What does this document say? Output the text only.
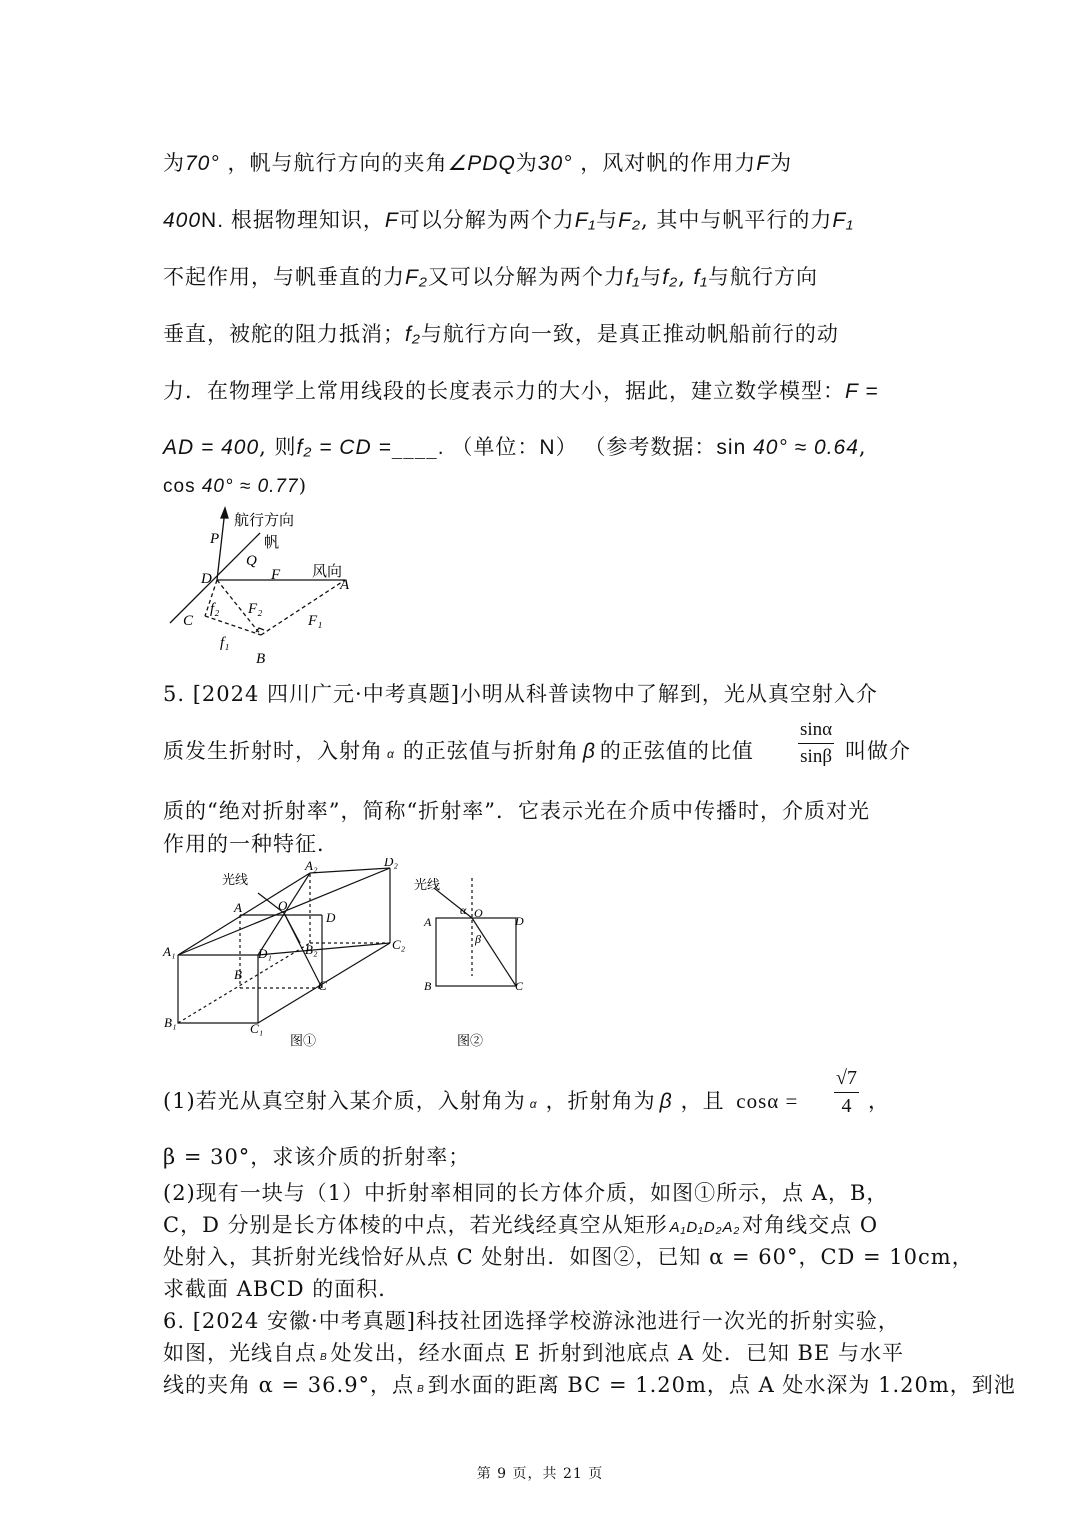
为70° ，帆与航行方向的夹角∠PDQ为30° ，风对帆的作用力F为
400N. 根据物理知识，F可以分解为两个力F₁与F₂, 其中与帆平行的力F₁
不起作用，与帆垂直的力F₂又可以分解为两个力f₁与f₂, f₁与航行方向
垂直，被舵的阻力抵消；f₂与航行方向一致，是真正推动帆船前行的动
力．在物理学上常用线段的长度表示力的大小，据此，建立数学模型：F =
AD = 400, 则f₂ = CD =____. （单位：N） （参考数据：sin 40° ≈ 0.64,
cos 40° ≈ 0.77)
航行方向
帆
风向
P
Q
D	F
A
f₂ F₂
F₁
C
f₁
B
5. [2024 四川广元·中考真题]小明从科普读物中了解到，光从真空射入介
质发生折射时，入射角 α 的正弦值与折射角 β 的正弦值的比值	$\frac{\sin\alpha}{\sin\beta}$ 叫做介
质的“绝对折射率”，简称“折射率”．它表示光在介质中传播时，介质对光
作用的一种特征．
光线
A₂	D₂
A	O
D
A₁	D₁	B₂	C₂
B
C
B₁	C₁
图①
光线
A
α O
D
β
B	C
图②
(1)若光从真空射入某介质，入射角为 α ，折射角为 β ，且 cosα =	$\frac{√7}{4}$ ，
β = 30°，求该介质的折射率；
(2)现有一块与（1）中折射率相同的长方体介质，如图①所示，点 A，B，
C，D 分别是长方体棱的中点，若光线经真空从矩形 A₁D₁D₂A₂对角线交点 O
处射入，其折射光线恰好从点 C 处射出．如图②，已知 α = 60°，CD = 10cm，
求截面 ABCD 的面积．
6. [2024 安徽·中考真题]科技社团选择学校游泳池进行一次光的折射实验，
如图，光线自点 B 处发出，经水面点 E 折射到池底点 A 处．已知 BE 与水平
线的夹角 α = 36.9°，点 B 到水面的距离 BC = 1.20m，点 A 处水深为 1.20m，到池
第 9 页，共 21 页
